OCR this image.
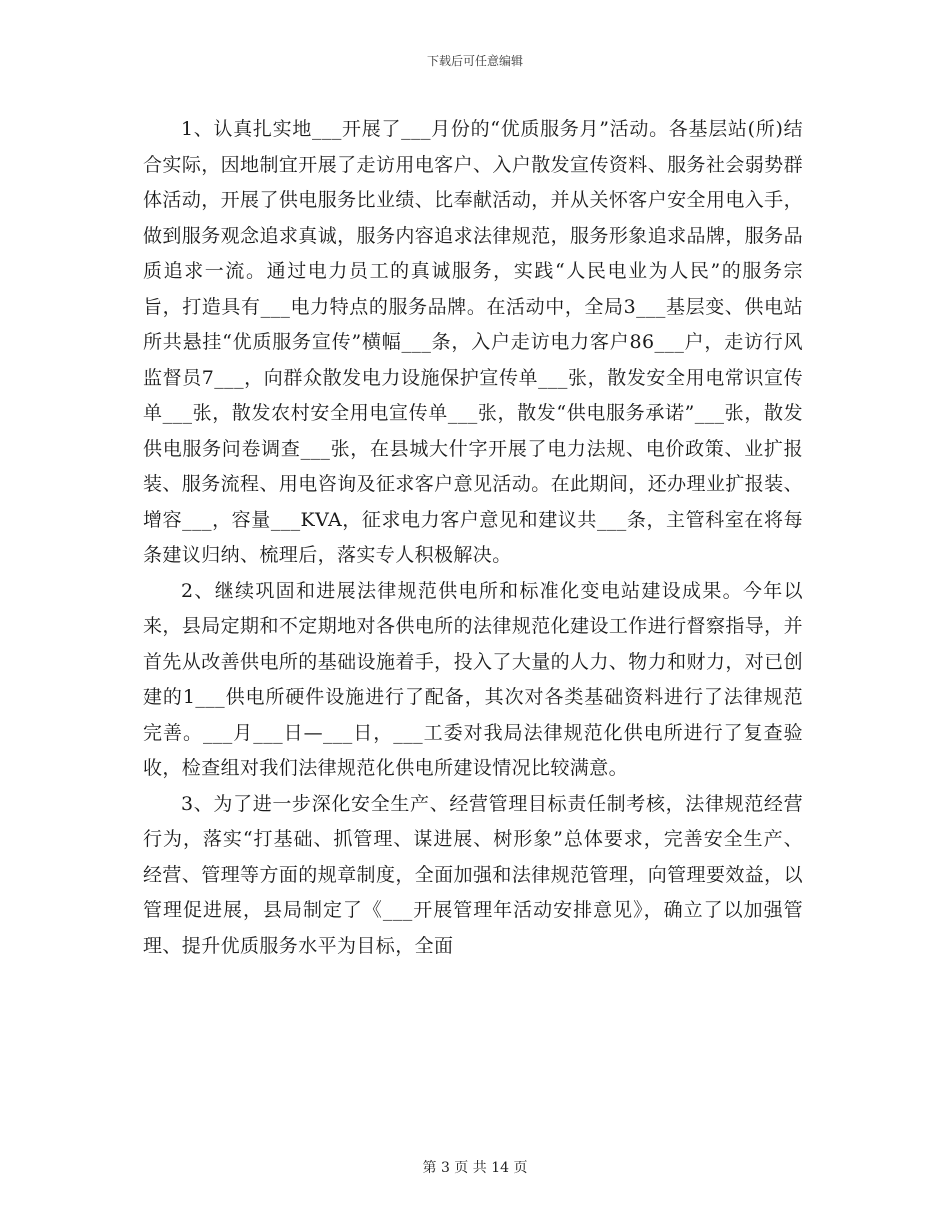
下载后可任意编辑

1、认真扎实地___开展了___月份的“优质服务月”活动。各基层站(所)结合实际，因地制宜开展了走访用电客户、入户散发宣传资料、服务社会弱势群体活动，开展了供电服务比业绩、比奉献活动，并从关怀客户安全用电入手，做到服务观念追求真诚，服务内容追求法律规范，服务形象追求品牌，服务品质追求一流。通过电力员工的真诚服务，实践“人民电业为人民”的服务宗旨，打造具有___电力特点的服务品牌。在活动中，全局3___基层变、供电站所共悬挂“优质服务宣传”横幅___条，入户走访电力客户86___户，走访行风监督员7___，向群众散发电力设施保护宣传单___张，散发安全用电常识宣传单___张，散发农村安全用电宣传单___张，散发“供电服务承诺”___张，散发供电服务问卷调查___张，在县城大什字开展了电力法规、电价政策、业扩报装、服务流程、用电咨询及征求客户意见活动。在此期间，还办理业扩报装、增容___，容量___KVA，征求电力客户意见和建议共___条，主管科室在将每条建议归纳、梳理后，落实专人积极解决。

2、继续巩固和进展法律规范供电所和标准化变电站建设成果。今年以来，县局定期和不定期地对各供电所的法律规范化建设工作进行督察指导，并首先从改善供电所的基础设施着手，投入了大量的人力、物力和财力，对已创建的1___供电所硬件设施进行了配备，其次对各类基础资料进行了法律规范完善。___月___日—___日，___工委对我局法律规范化供电所进行了复查验收，检查组对我们法律规范化供电所建设情况比较满意。

3、为了进一步深化安全生产、经营管理目标责任制考核，法律规范经营行为，落实“打基础、抓管理、谋进展、树形象”总体要求，完善安全生产、经营、管理等方面的规章制度，全面加强和法律规范管理，向管理要效益，以管理促进展，县局制定了《___开展管理年活动安排意见》，确立了以加强管理、提升优质服务水平为目标，全面

第 3 页 共 14 页
